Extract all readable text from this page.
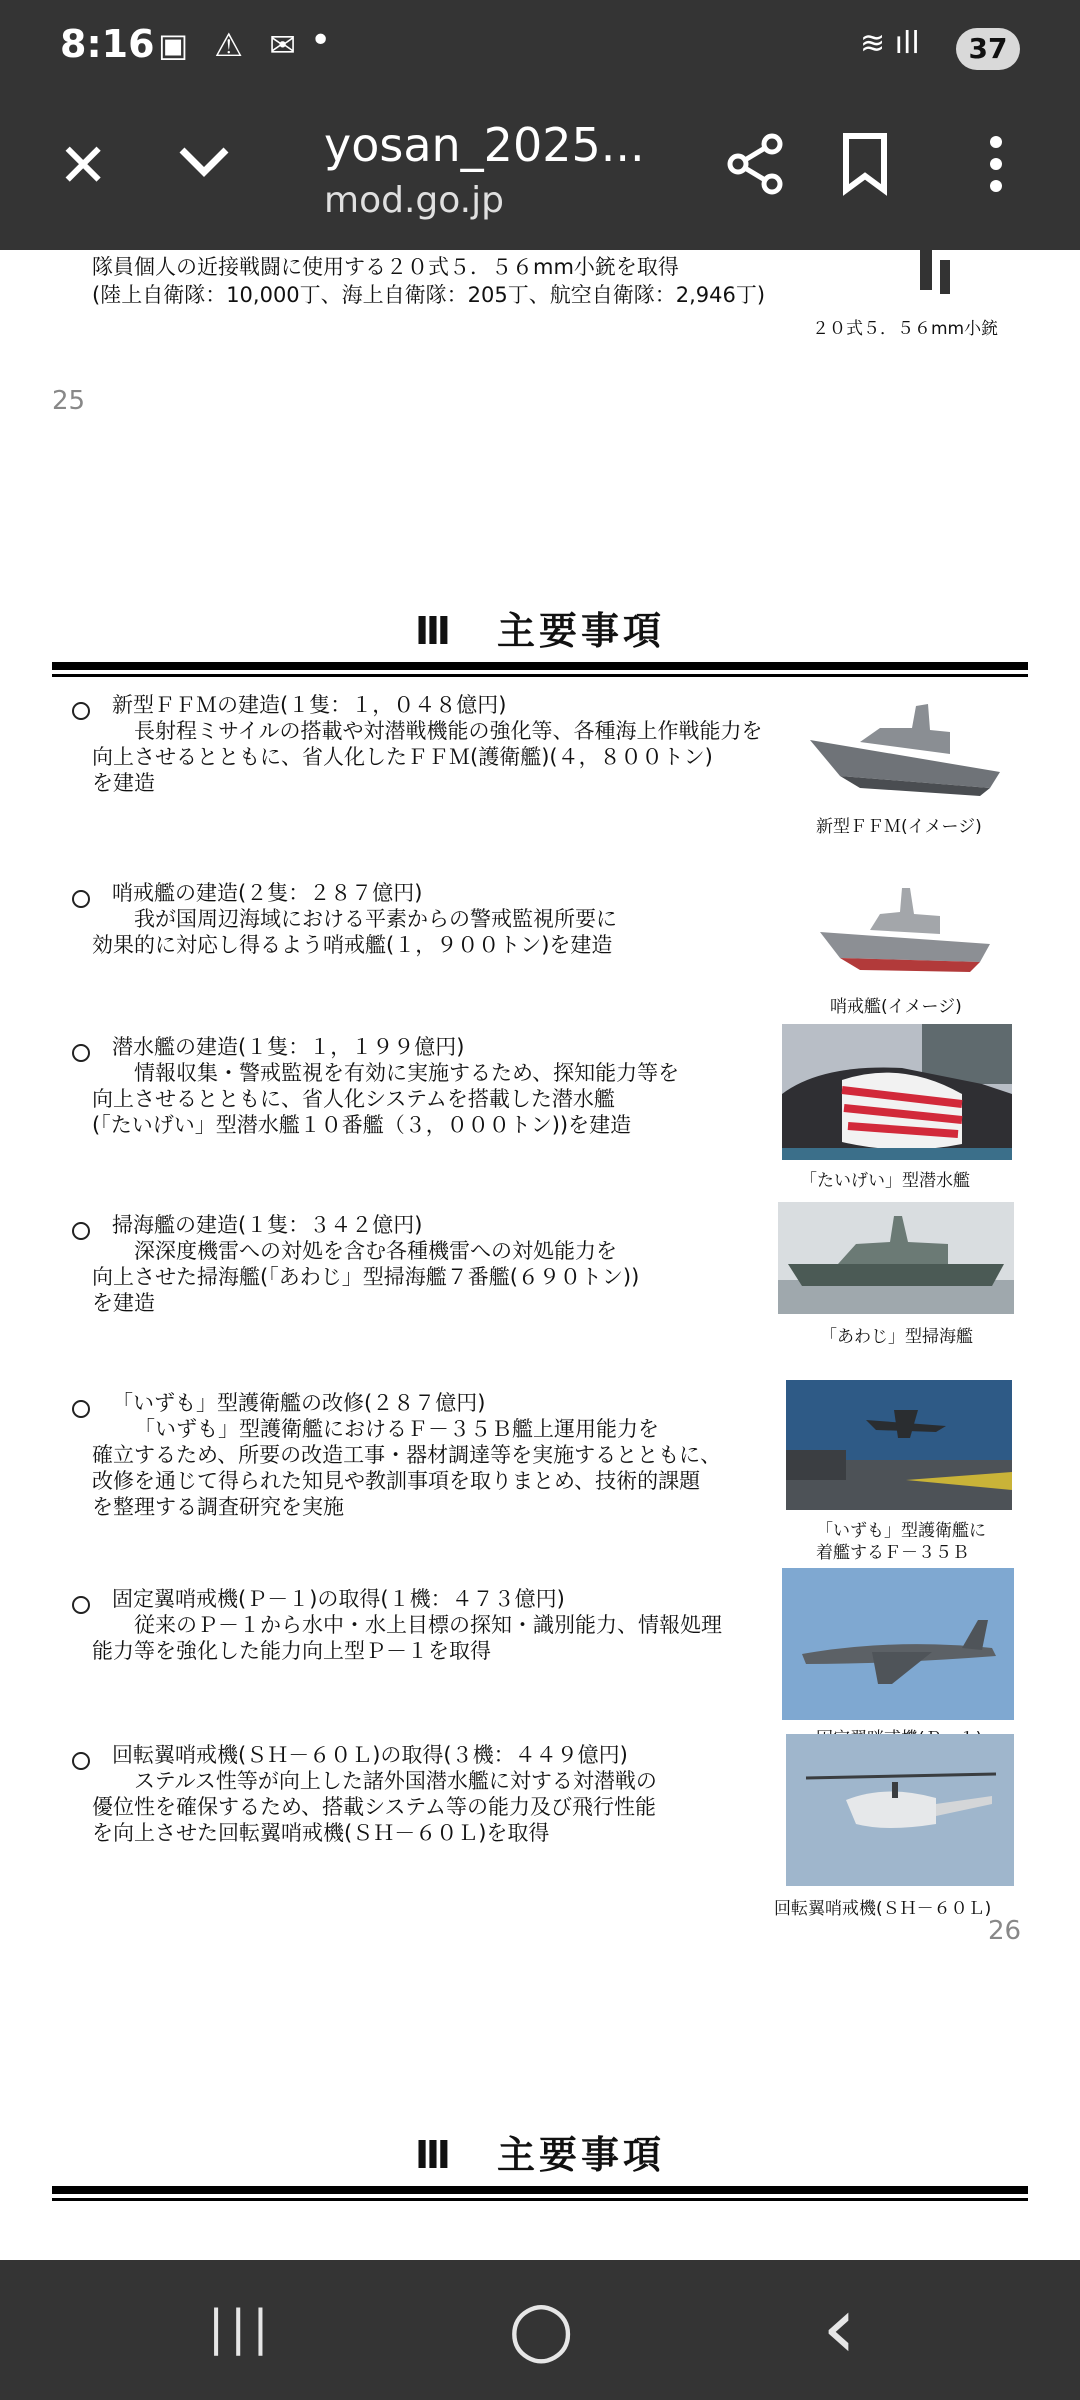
8:16 ▣ ⚠ ✉ •	≋ ıll	37
✕	yosan_2025...
mod.go.jp
隊員個人の近接戦闘に使用する２０式５．５６mm小銃を取得
(陸上自衛隊：10,000丁、海上自衛隊：205丁、航空自衛隊：2,946丁)
２０式５．５６mm小銃
25
Ⅲ　主要事項
新型ＦＦＭの建造(１隻：１，０４８億円)
長射程ミサイルの搭載や対潜戦機能の強化等、各種海上作戦能力を
向上させるとともに、省人化したＦＦＭ(護衛艦)(４，８００トン)
を建造
新型ＦＦＭ(イメージ)
哨戒艦の建造(２隻：２８７億円)
我が国周辺海域における平素からの警戒監視所要に
効果的に対応し得るよう哨戒艦(１，９００トン)を建造
哨戒艦(イメージ)
潜水艦の建造(１隻：１，１９９億円)
情報収集・警戒監視を有効に実施するため、探知能力等を
向上させるとともに、省人化システムを搭載した潜水艦
(「たいげい」型潜水艦１０番艦（３，０００トン))を建造
「たいげい」型潜水艦
掃海艦の建造(１隻：３４２億円)
深深度機雷への対処を含む各種機雷への対処能力を
向上させた掃海艦(「あわじ」型掃海艦７番艦(６９０トン))
を建造
「あわじ」型掃海艦
「いずも」型護衛艦の改修(２８７億円)
「いずも」型護衛艦におけるＦ－３５Ｂ艦上運用能力を
確立するため、所要の改造工事・器材調達等を実施するとともに、
改修を通じて得られた知見や教訓事項を取りまとめ、技術的課題
を整理する調査研究を実施
「いずも」型護衛艦に
着艦するＦ－３５Ｂ
固定翼哨戒機(Ｐ－１)の取得(１機：４７３億円)
従来のＰ－１から水中・水上目標の探知・識別能力、情報処理
能力等を強化した能力向上型Ｐ－１を取得
回転翼哨戒機(ＳＨ－６０Ｌ)の取得(３機：４４９億円)
ステルス性等が向上した諸外国潜水艦に対する対潜戦の
優位性を確保するため、搭載システム等の能力及び飛行性能
を向上させた回転翼哨戒機(ＳＨ－６０Ｌ)を取得
回転翼哨戒機(ＳＨ－６０Ｌ)
26
Ⅲ　主要事項
|||	○	‹
